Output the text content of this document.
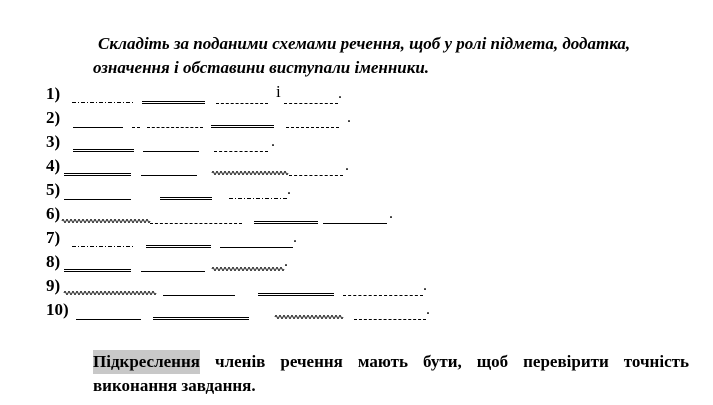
Складіть за поданими схемами речення, щоб у ролі підмета, додатка,
означення і обставини виступали іменники.
1)	і	.
2)	.
3)	.
4)	.
5)	.
6)	.
7)	.
8)	.
9)	.
10)	.
Підкреслення членів речення мають бути, щоб перевірити точність
виконання завдання.
